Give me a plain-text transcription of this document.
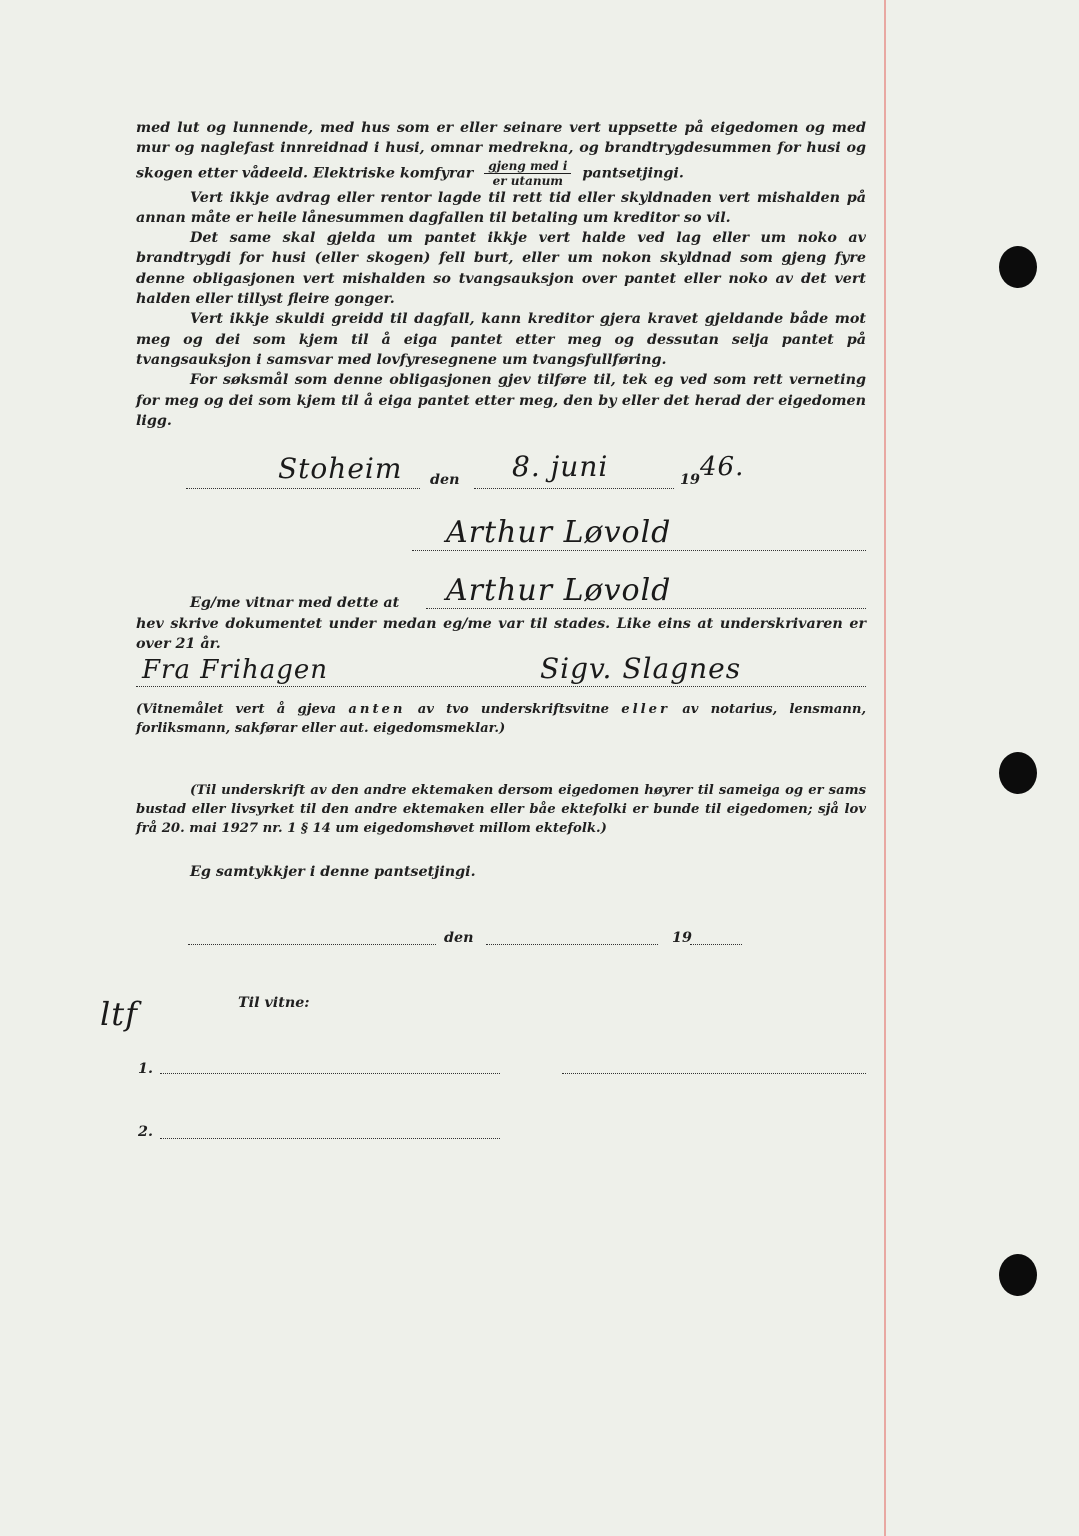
med lut og lunnende, med hus som er eller seinare vert uppsette på eigedomen og med mur og naglefast innreidnad i husi, omnar medrekna, og brandtrygdesummen for husi og skogen etter vådeeld. Elektriske komfyrar $\frac{\text{gjeng med i}}{\text{er utanum}}$ pantsetjingi.

Vert ikkje avdrag eller rentor lagde til rett tid eller skyldnaden vert mishalden på annan måte er heile lånesummen dagfallen til betaling um kreditor so vil.

Det same skal gjelda um pantet ikkje vert halde ved lag eller um noko av brandtrygdi for husi (eller skogen) fell burt, eller um nokon skyldnad som gjeng fyre denne obligasjonen vert mishalden so tvangsauksjon over pantet eller noko av det vert halden eller tillyst fleire gonger.

Vert ikkje skuldi greidd til dagfall, kann kreditor gjera kravet gjeldande både mot meg og dei som kjem til å eiga pantet etter meg og dessutan selja pantet på tvangsauksjon i samsvar med lovfyresegnene um tvangsfullføring.

For søksmål som denne obligasjonen gjev tilføre til, tek eg ved som rett verneting for meg og dei som kjem til å eiga pantet etter meg, den by eller det herad der eigedomen ligg.

Stoheim den 8. juni	19 46.
Arthur Løvold
Eg/me vitnar med dette at Arthur Løvold
hev skrive dokumentet under medan eg/me var til stades. Like eins at underskrivaren er over 21 år.
Fra Frihagen	Sigv. Slagnes
(Vitnemålet vert å gjeva anten av tvo underskriftsvitne eller av notarius, lensmann, forliksmann, sakførar eller aut. eigedomsmeklar.)

(Til underskrift av den andre ektemaken dersom eigedomen høyrer til sameiga og er sams bustad eller livsyrket til den andre ektemaken eller båe ektefolki er bunde til eigedomen; sjå lov frå 20. mai 1927 nr. 1 § 14 um eigedomshøvet millom ektefolk.)

Eg samtykkjer i denne pantsetjingi.
den	19
ltf	Til vitne:
1.
2.
